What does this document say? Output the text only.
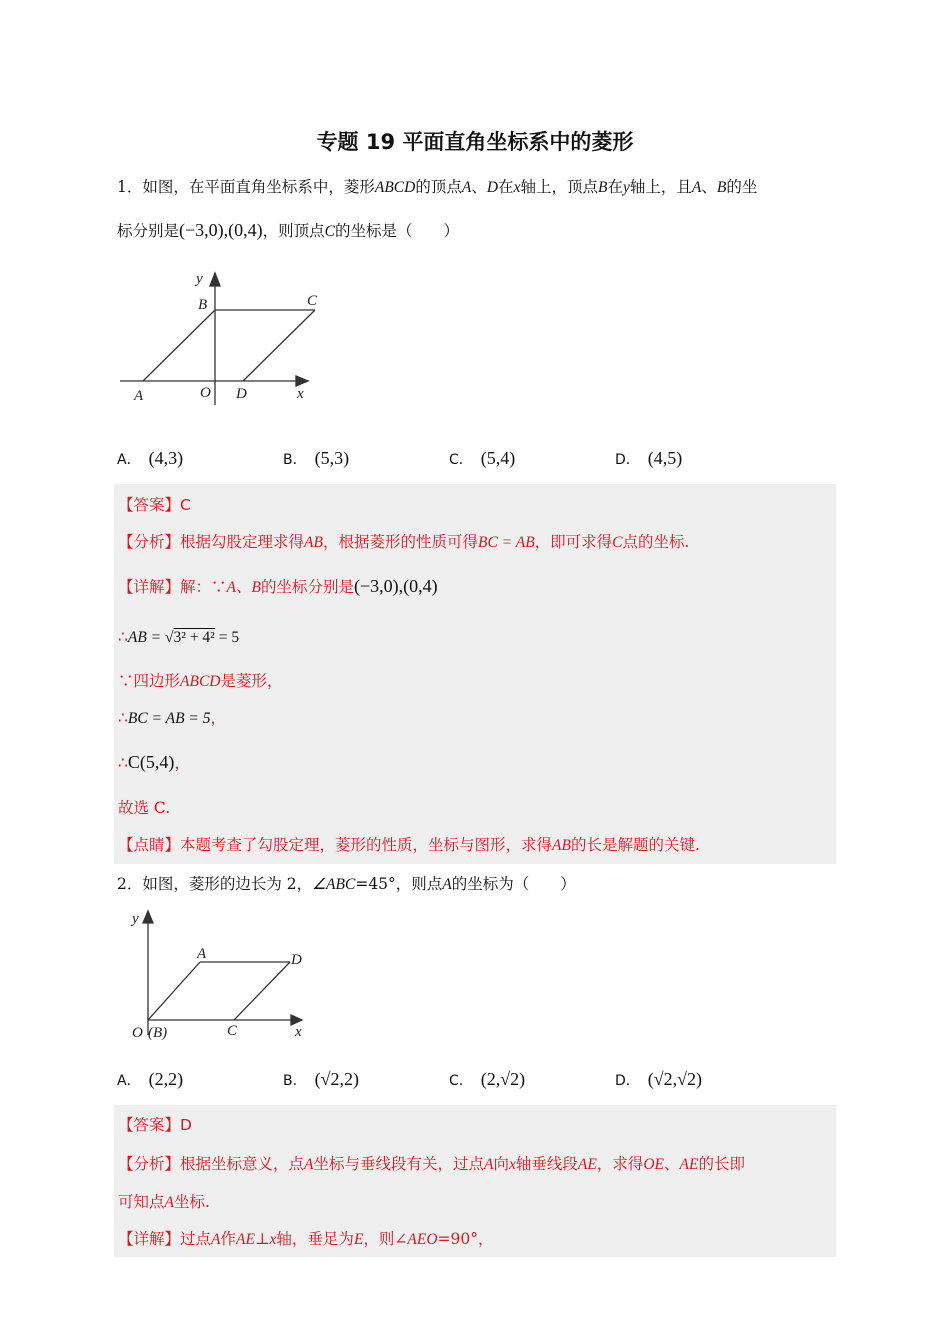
专题 19 平面直角坐标系中的菱形
1．如图，在平面直角坐标系中，菱形ABCD的顶点A、D在x轴上，顶点B在y轴上，且A、B的坐
标分别是(−3,0),(0,4)，则顶点C的坐标是（　　）
y
B	C
A	O D	x
A． (4,3)	B． (5,3)	C． (5,4)	D． (4,5)
【答案】C
【分析】根据勾股定理求得AB，根据菱形的性质可得BC = AB，即可求得C点的坐标.
【详解】解：∵A、B的坐标分别是(−3,0),(0,4)
∴AB = √3² + 4² = 5
∵四边形ABCD是菱形，
∴BC = AB = 5，
∴C(5,4)，
故选 C.
【点睛】本题考查了勾股定理，菱形的性质，坐标与图形，求得AB的长是解题的关键.
2．如图，菱形的边长为 2，∠ABC=45°，则点A的坐标为（　　）
y
A	D
O (B)	C	x
A． (2,2)	B． (√2,2)	C． (2,√2)	D． (√2,√2)
【答案】D
【分析】根据坐标意义，点A坐标与垂线段有关，过点A向x轴垂线段AE，求得OE、AE的长即
可知点A坐标.
【详解】过点A作AE⊥x轴，垂足为E，则∠AEO=90°，
